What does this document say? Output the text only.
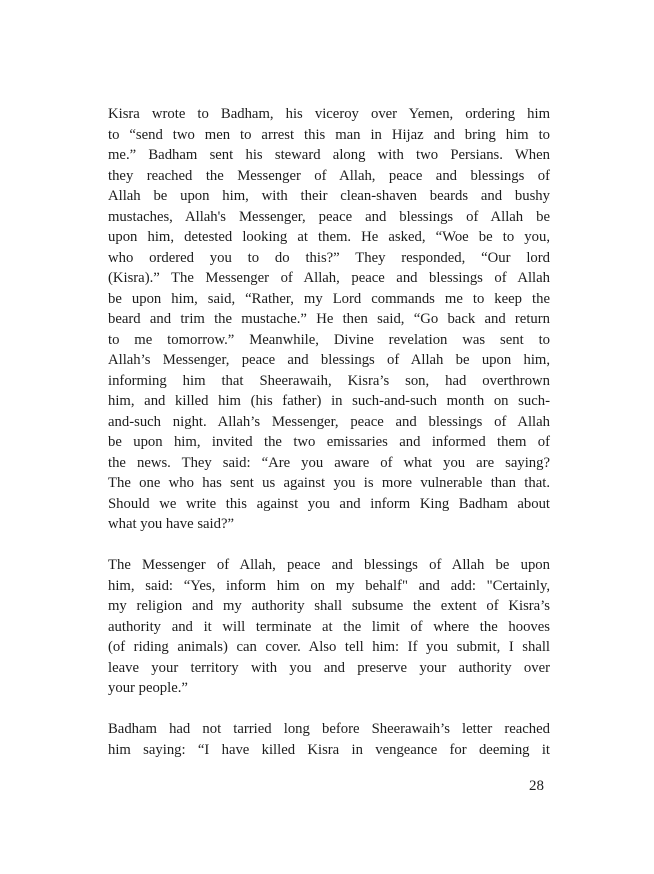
Kisra wrote to Badham, his viceroy over Yemen, ordering him
to “send two men to arrest this man in Hijaz and bring him to
me.” Badham sent his steward along with two Persians. When
they reached the Messenger of Allah, peace and blessings of
Allah be upon him, with their clean-shaven beards and bushy
mustaches, Allah's Messenger, peace and blessings of Allah be
upon him, detested looking at them. He asked, “Woe be to you,
who ordered you to do this?” They responded, “Our lord
(Kisra).” The Messenger of Allah, peace and blessings of Allah
be upon him, said, “Rather, my Lord commands me to keep the
beard and trim the mustache.” He then said, “Go back and return
to me tomorrow.” Meanwhile, Divine revelation was sent to
Allah’s Messenger, peace and blessings of Allah be upon him,
informing him that Sheerawaih, Kisra’s son, had overthrown
him, and killed him (his father) in such-and-such month on such-
and-such night. Allah’s Messenger, peace and blessings of Allah
be upon him, invited the two emissaries and informed them of
the news. They said: “Are you aware of what you are saying?
The one who has sent us against you is more vulnerable than that.
Should we write this against you and inform King Badham about
what you have said?”

The Messenger of Allah, peace and blessings of Allah be upon
him, said: “Yes, inform him on my behalf" and add: "Certainly,
my religion and my authority shall subsume the extent of Kisra’s
authority and it will terminate at the limit of where the hooves
(of riding animals) can cover. Also tell him: If you submit, I shall
leave your territory with you and preserve your authority over
your people.”

Badham had not tarried long before Sheerawaih’s letter reached
him saying: “I have killed Kisra in vengeance for deeming it

28
